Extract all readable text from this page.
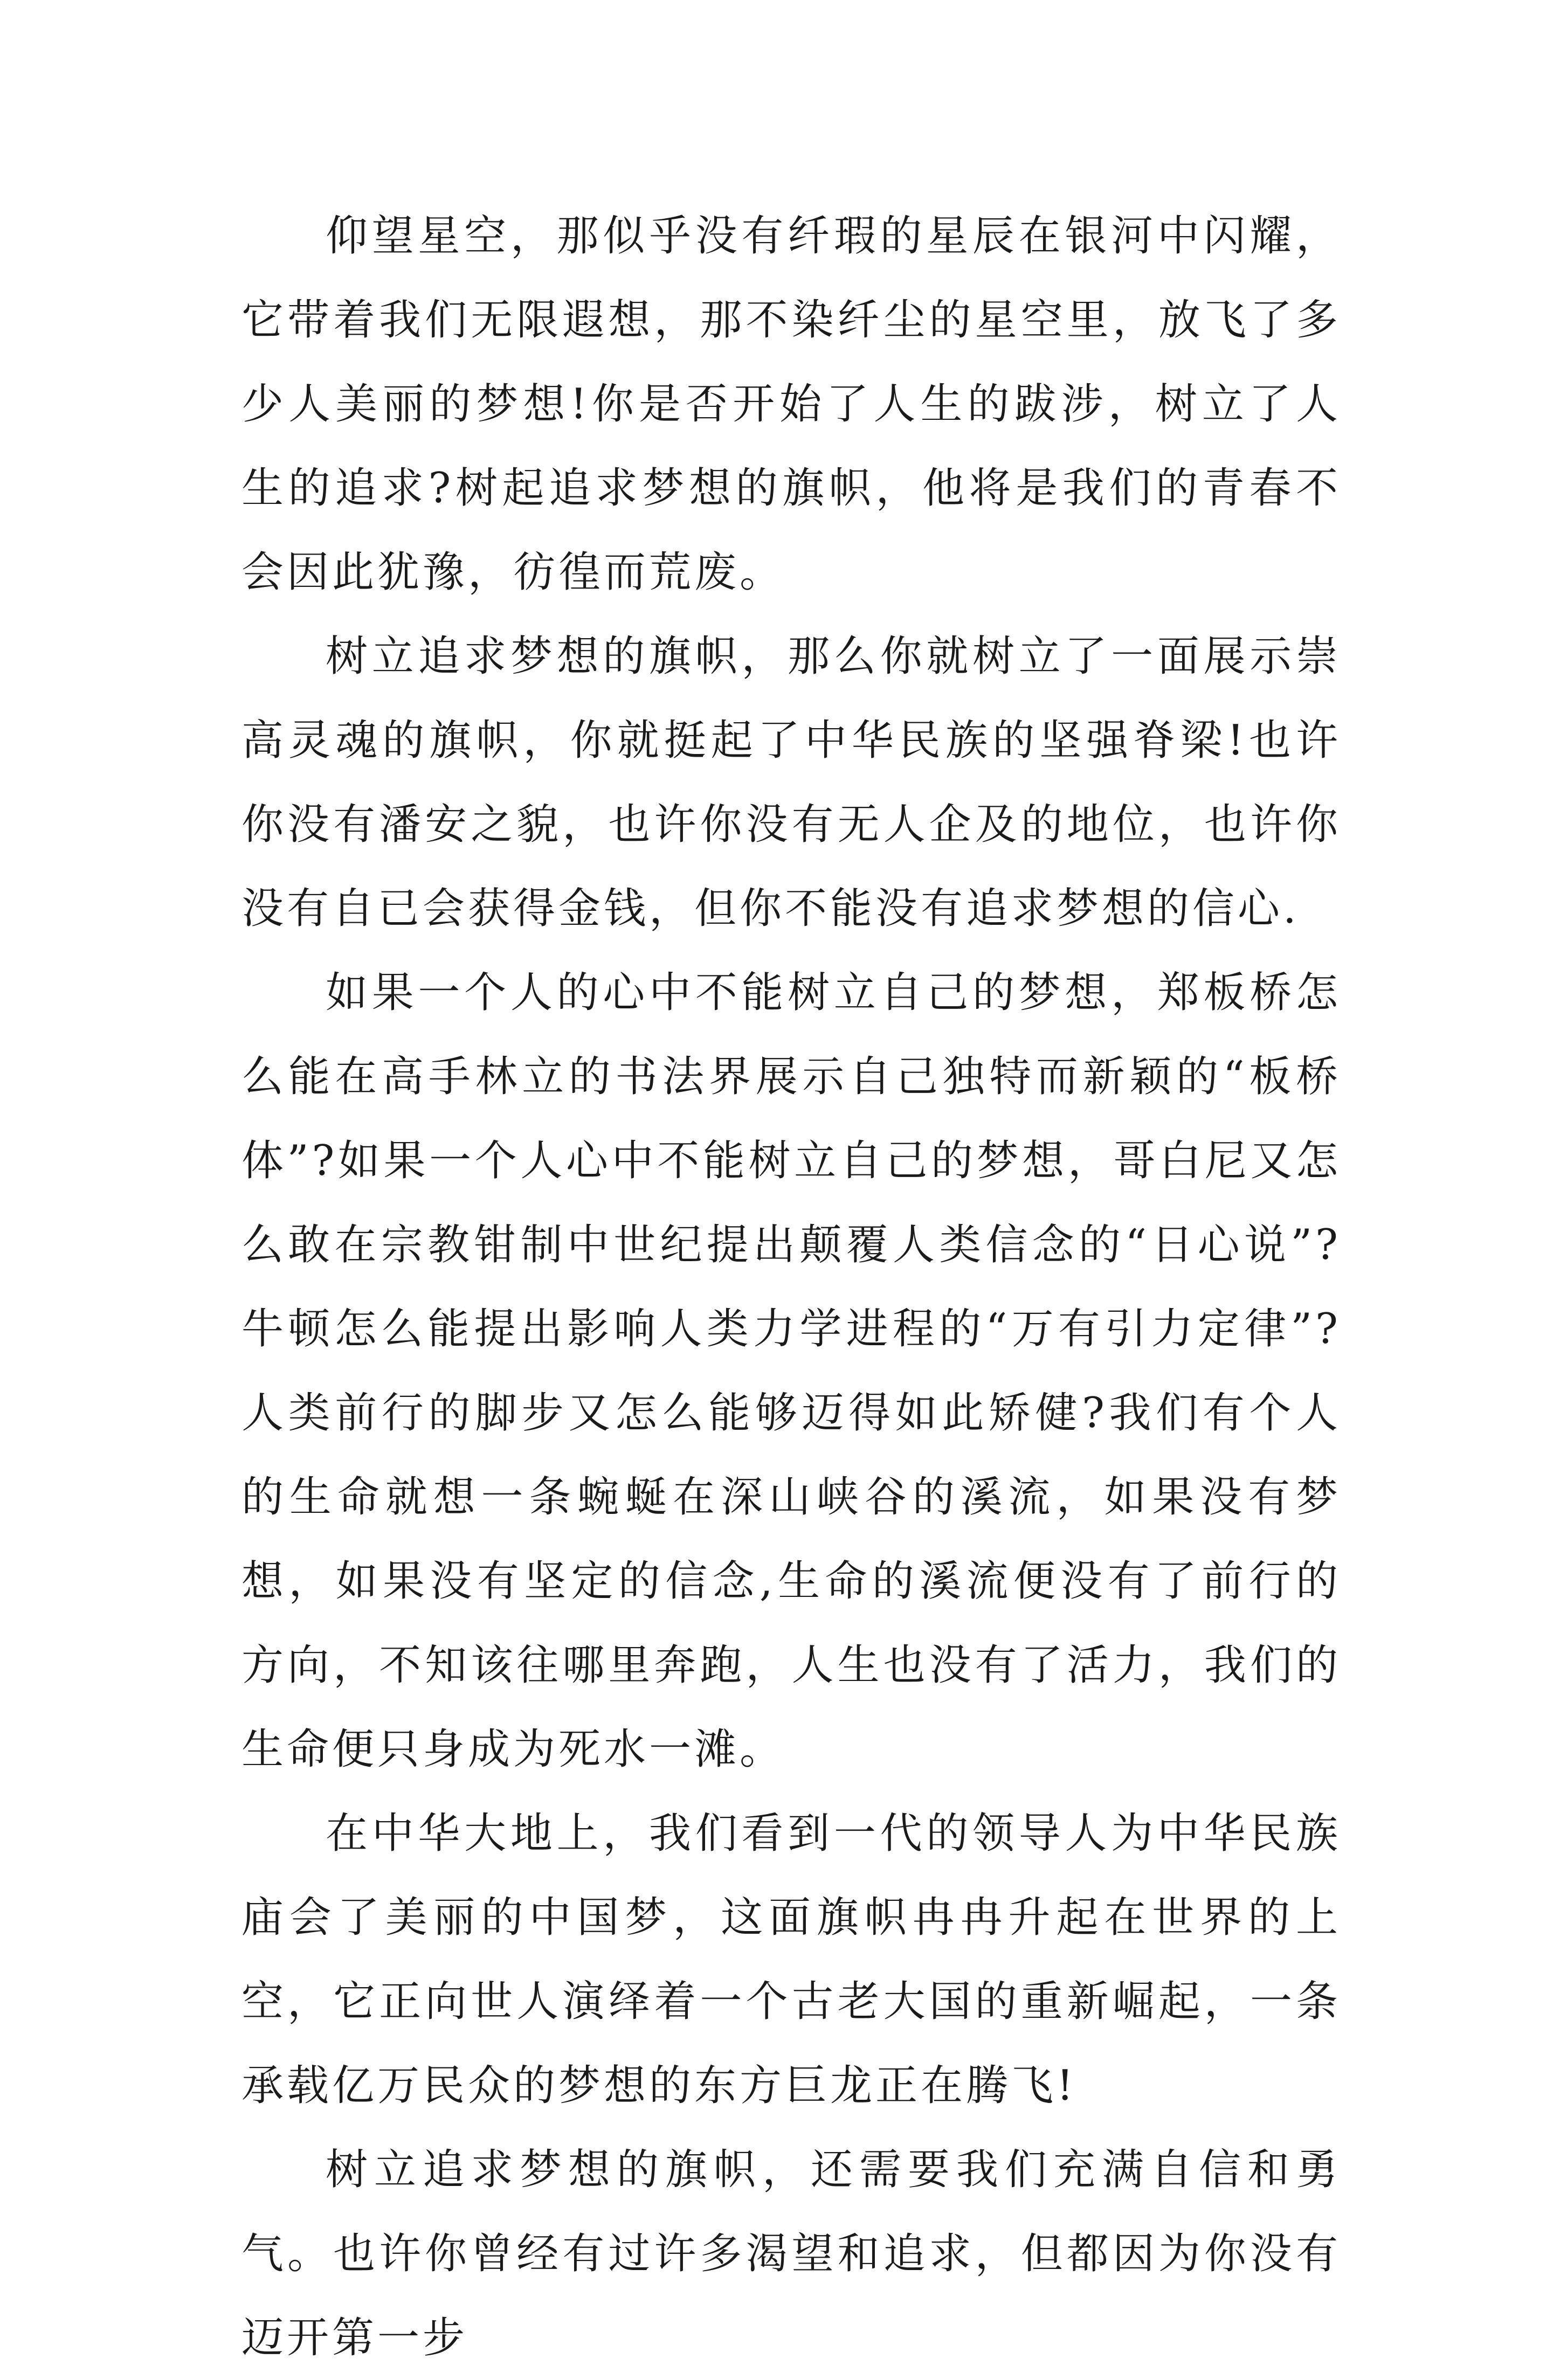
仰望星空，那似乎没有纤瑕的星辰在银河中闪耀，它带着我们无限遐想，那不染纤尘的星空里，放飞了多少人美丽的梦想!你是否开始了人生的跋涉，树立了人生的追求?树起追求梦想的旗帜，他将是我们的青春不会因此犹豫，彷徨而荒废。

树立追求梦想的旗帜，那么你就树立了一面展示崇高灵魂的旗帜，你就挺起了中华民族的坚强脊梁!也许你没有潘安之貌，也许你没有无人企及的地位，也许你没有自已会获得金钱，但你不能没有追求梦想的信心.

如果一个人的心中不能树立自己的梦想，郑板桥怎么能在高手林立的书法界展示自己独特而新颖的“板桥体”?如果一个人心中不能树立自己的梦想，哥白尼又怎么敢在宗教钳制中世纪提出颠覆人类信念的“日心说”?牛顿怎么能提出影响人类力学进程的“万有引力定律”?人类前行的脚步又怎么能够迈得如此矫健?我们有个人的生命就想一条蜿蜒在深山峡谷的溪流，如果没有梦想，如果没有坚定的信念,生命的溪流便没有了前行的方向，不知该往哪里奔跑，人生也没有了活力，我们的生命便只身成为死水一滩。

在中华大地上，我们看到一代的领导人为中华民族庙会了美丽的中国梦，这面旗帜冉冉升起在世界的上空，它正向世人演绎着一个古老大国的重新崛起，一条承载亿万民众的梦想的东方巨龙正在腾飞!

树立追求梦想的旗帜，还需要我们充满自信和勇气。也许你曾经有过许多渴望和追求，但都因为你没有迈开第一步
